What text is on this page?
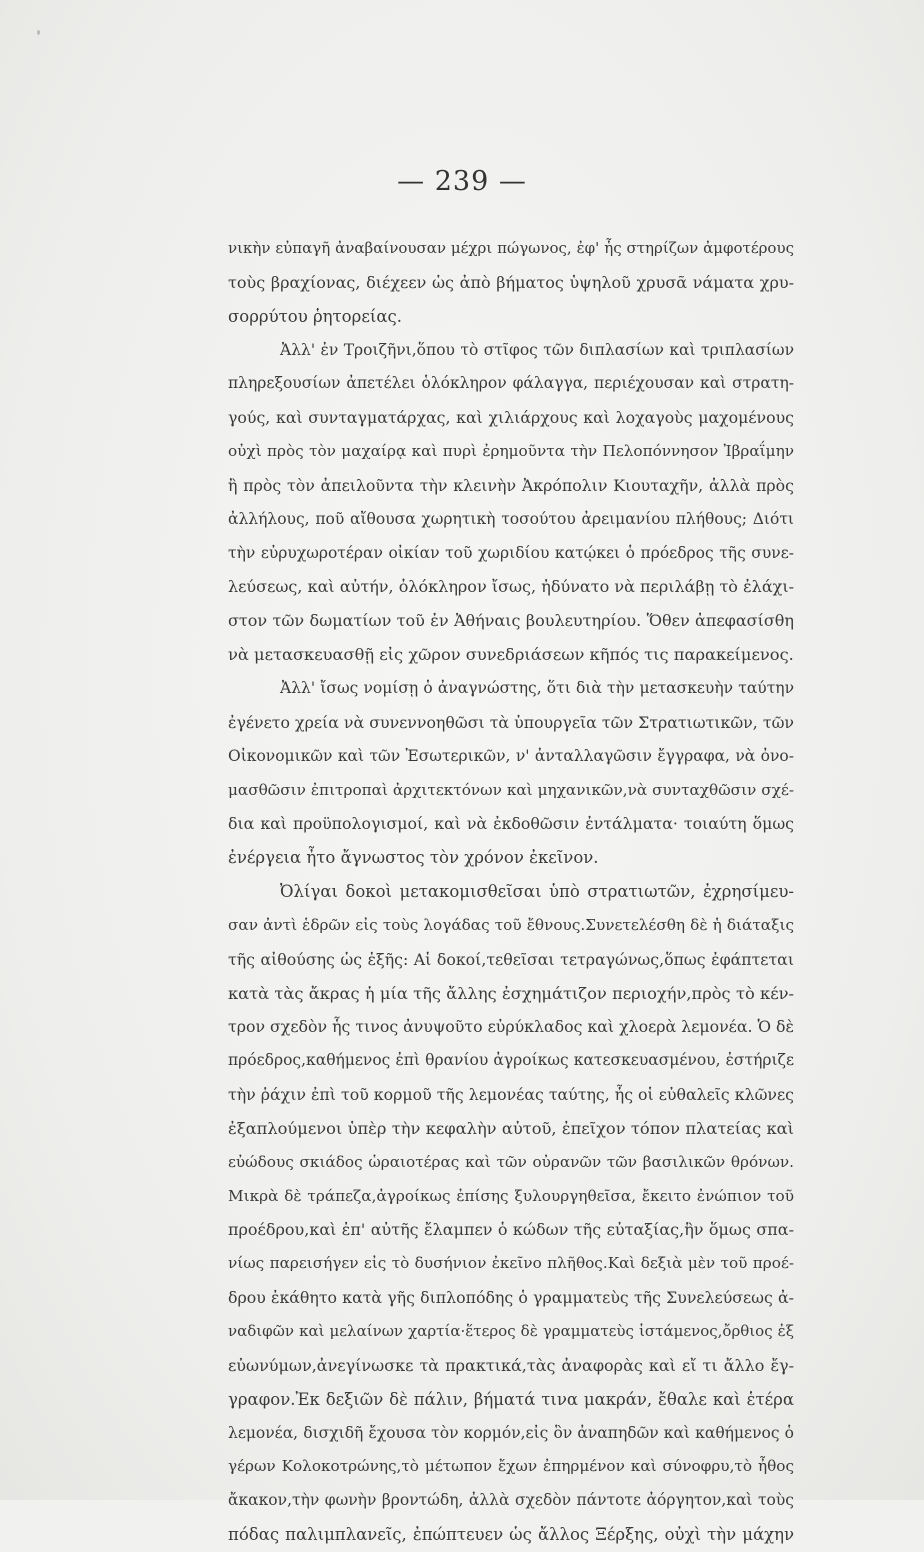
— 239 —
νικὴν εὐπαγῆ ἀναβαίνουσαν μέχρι πώγωνος, ἐφ' ἧς στηρίζων ἀμφοτέρους
τοὺς βραχίονας, διέχεεν ὡς ἀπὸ βήματος ὑψηλοῦ χρυσᾶ νάματα χρυ-
σορρύτου ῥητορείας.
Ἀλλ' ἐν Τροιζῆνι,ὅπου τὸ στῖφος τῶν διπλασίων καὶ τριπλασίων
πληρεξουσίων ἀπετέλει ὁλόκληρον φάλαγγα, περιέχουσαν καὶ στρατη-
γούς, καὶ συνταγματάρχας, καὶ χιλιάρχους καὶ λοχαγοὺς μαχομένους
οὐχὶ πρὸς τὸν μαχαίρᾳ καὶ πυρὶ ἐρημοῦντα τὴν Πελοπόννησον Ἰβραΐμην
ἢ πρὸς τὸν ἀπειλοῦντα τὴν κλεινὴν Ἀκρόπολιν Κιουταχῆν, ἀλλὰ πρὸς
ἀλλήλους, ποῦ αἴθουσα χωρητικὴ τοσούτου ἀρειμανίου πλήθους; Διότι
τὴν εὐρυχωροτέραν οἰκίαν τοῦ χωριδίου κατῴκει ὁ πρόεδρος τῆς συνε-
λεύσεως, καὶ αὐτήν, ὁλόκληρον ἴσως, ἠδύνατο νὰ περιλάβῃ τὸ ἐλάχι-
στον τῶν δωματίων τοῦ ἐν Ἀθήναις βουλευτηρίου. Ὅθεν ἀπεφασίσθη
νὰ μετασκευασθῇ εἰς χῶρον συνεδριάσεων κῆπός τις παρακείμενος.
Ἀλλ' ἴσως νομίσῃ ὁ ἀναγνώστης, ὅτι διὰ τὴν μετασκευὴν ταύτην
ἐγένετο χρεία νὰ συνεννοηθῶσι τὰ ὑπουργεῖα τῶν Στρατιωτικῶν, τῶν
Οἰκονομικῶν καὶ τῶν Ἐσωτερικῶν, ν' ἀνταλλαγῶσιν ἔγγραφα, νὰ ὀνο-
μασθῶσιν ἐπιτροπαὶ ἀρχιτεκτόνων καὶ μηχανικῶν,νὰ συνταχθῶσιν σχέ-
δια καὶ προϋπολογισμοί, καὶ νὰ ἐκδοθῶσιν ἐντάλματα· τοιαύτη ὅμως
ἐνέργεια ἦτο ἄγνωστος τὸν χρόνον ἐκεῖνον.
Ὀλίγαι δοκοὶ μετακομισθεῖσαι ὑπὸ στρατιωτῶν, ἐχρησίμευ-
σαν ἀντὶ ἑδρῶν εἰς τοὺς λογάδας τοῦ ἔθνους.Συνετελέσθη δὲ ἡ διάταξις
τῆς αἰθούσης ὡς ἑξῆς: Αἱ δοκοί,τεθεῖσαι τετραγώνως,ὅπως ἐφάπτεται
κατὰ τὰς ἄκρας ἡ μία τῆς ἄλλης ἐσχημάτιζον περιοχήν,πρὸς τὸ κέν-
τρον σχεδὸν ἧς τινος ἀνυψοῦτο εὐρύκλαδος καὶ χλοερὰ λεμονέα. Ὁ δὲ
πρόεδρος,καθήμενος ἐπὶ θρανίου ἀγροίκως κατεσκευασμένου, ἐστήριζε
τὴν ῥάχιν ἐπὶ τοῦ κορμοῦ τῆς λεμονέας ταύτης, ἧς οἱ εὐθαλεῖς κλῶνες
ἐξαπλούμενοι ὑπὲρ τὴν κεφαλὴν αὐτοῦ, ἐπεῖχον τόπον πλατείας καὶ
εὐώδους σκιάδος ὡραιοτέρας καὶ τῶν οὐρανῶν τῶν βασιλικῶν θρόνων.
Μικρὰ δὲ τράπεζα,ἀγροίκως ἐπίσης ξυλουργηθεῖσα, ἔκειτο ἐνώπιον τοῦ
προέδρου,καὶ ἐπ' αὐτῆς ἔλαμπεν ὁ κώδων τῆς εὐταξίας,ἣν ὅμως σπα-
νίως παρεισήγεν εἰς τὸ δυσήνιον ἐκεῖνο πλῆθος.Καὶ δεξιὰ μὲν τοῦ προέ-
δρου ἐκάθητο κατὰ γῆς διπλοπόδης ὁ γραμματεὺς τῆς Συνελεύσεως ἀ-
ναδιφῶν καὶ μελαίνων χαρτία·ἕτερος δὲ γραμματεὺς ἱστάμενος,ὄρθιος ἐξ
εὐωνύμων,ἀνεγίνωσκε τὰ πρακτικά,τὰς ἀναφορὰς καὶ εἴ τι ἄλλο ἔγ-
γραφον.Ἐκ δεξιῶν δὲ πάλιν, βήματά τινα μακράν, ἔθαλε καὶ ἑτέρα
λεμονέα, δισχιδῆ ἔχουσα τὸν κορμόν,εἰς ὃν ἀναπηδῶν καὶ καθήμενος ὁ
γέρων Κολοκοτρώνης,τὸ μέτωπον ἔχων ἐπηρμένον καὶ σύνοφρυ,τὸ ἦθος
ἄκακον,τὴν φωνὴν βροντώδη, ἀλλὰ σχεδὸν πάντοτε ἀόργητον,καὶ τοὺς
πόδας παλιμπλανεῖς, ἐπώπτευεν ὡς ἄλλος Ξέρξης, οὐχὶ τὴν μάχην
